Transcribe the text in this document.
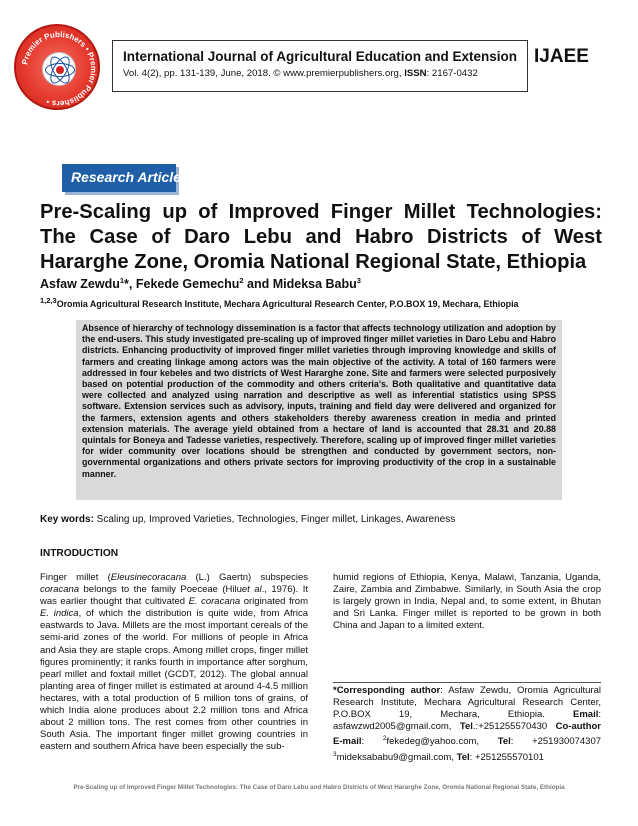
Premier Publishers • Premier Publishers •
International Journal of Agricultural Education and Extension
Vol. 4(2), pp. 131-139, June, 2018. © www.premierpublishers.org, ISSN: 2167-0432
IJAEE
Research Article
Pre-Scaling up of Improved Finger Millet Technologies: The Case of Daro Lebu and Habro Districts of West Hararghe Zone, Oromia National Regional State, Ethiopia
Asfaw Zewdu$^1$*, Fekede Gemechu$^2$ and Mideksa Babu$^3$
$^{1,2,3}$Oromia Agricultural Research Institute, Mechara Agricultural Research Center, P.O.BOX 19, Mechara, Ethiopia
Absence of hierarchy of technology dissemination is a factor that affects technology utilization and adoption by the end-users. This study investigated pre-scaling up of improved finger millet varieties in Daro Lebu and Habro districts. Enhancing productivity of improved finger millet varieties through improving knowledge and skills of farmers and creating linkage among actors was the main objective of the activity. A total of 160 farmers were addressed in four kebeles and two districts of West Hararghe zone. Site and farmers were selected purposively based on potential production of the commodity and others criteria's. Both qualitative and quantitative data were collected and analyzed using narration and descriptive as well as inferential statistics using SPSS software. Extension services such as advisory, inputs, training and field day were delivered and organized for the farmers, extension agents and others stakeholders thereby awareness creation in media and printed extension materials. The average yield obtained from a hectare of land is accounted that 28.31 and 20.88 quintals for Boneya and Tadesse varieties, respectively. Therefore, scaling up of improved finger millet varieties for wider community over locations should be strengthen and conducted by government sectors, non-governmental organizations and others private sectors for improving productivity of the crop in a sustainable manner.
Key words: Scaling up, Improved Varieties, Technologies, Finger millet, Linkages, Awareness
INTRODUCTION
Finger millet (Eleusinecoracana (L.) Gaertn) subspecies coracana belongs to the family Poeceae (Hiluet al., 1976). It was earlier thought that cultivated E. coracana originated from E. indica, of which the distribution is quite wide, from Africa eastwards to Java. Millets are the most important cereals of the semi-arid zones of the world. For millions of people in Africa and Asia they are staple crops. Among millet crops, finger millet figures prominently; it ranks fourth in importance after sorghum, pearl millet and foxtail millet (GCDT, 2012). The global annual planting area of finger millet is estimated at around 4-4.5 million hectares, with a total production of 5 million tons of grains, of which India alone produces about 2.2 million tons and Africa about 2 million tons. The rest comes from other countries in South Asia. The important finger millet growing countries in eastern and southern Africa have been especially the sub-
humid regions of Ethiopia, Kenya, Malawi, Tanzania, Uganda, Zaire, Zambia and Zimbabwe. Similarly, in South Asia the crop is largely grown in India, Nepal and, to some extent, in Bhutan and Sri Lanka. Finger millet is reported to be grown in both China and Japan to a limited extent.
*Corresponding author: Asfaw Zewdu, Oromia Agricultural Research Institute, Mechara Agricultural Research Center, P.O.BOX 19, Mechara, Ethiopia. Email: asfawzwd2005@gmail.com, Tel.:+251255570430 Co-author E-mail: $^2$fekedeg@yahoo.com, Tel: +251930074307 $^3$mideksababu9@gmail.com, Tel: +251255570101
Pre-Scaling up of Improved Finger Millet Technologies: The Case of Daro Lebu and Habro Districts of West Hararghe Zone, Oromia National Regional State, Ethiopia
